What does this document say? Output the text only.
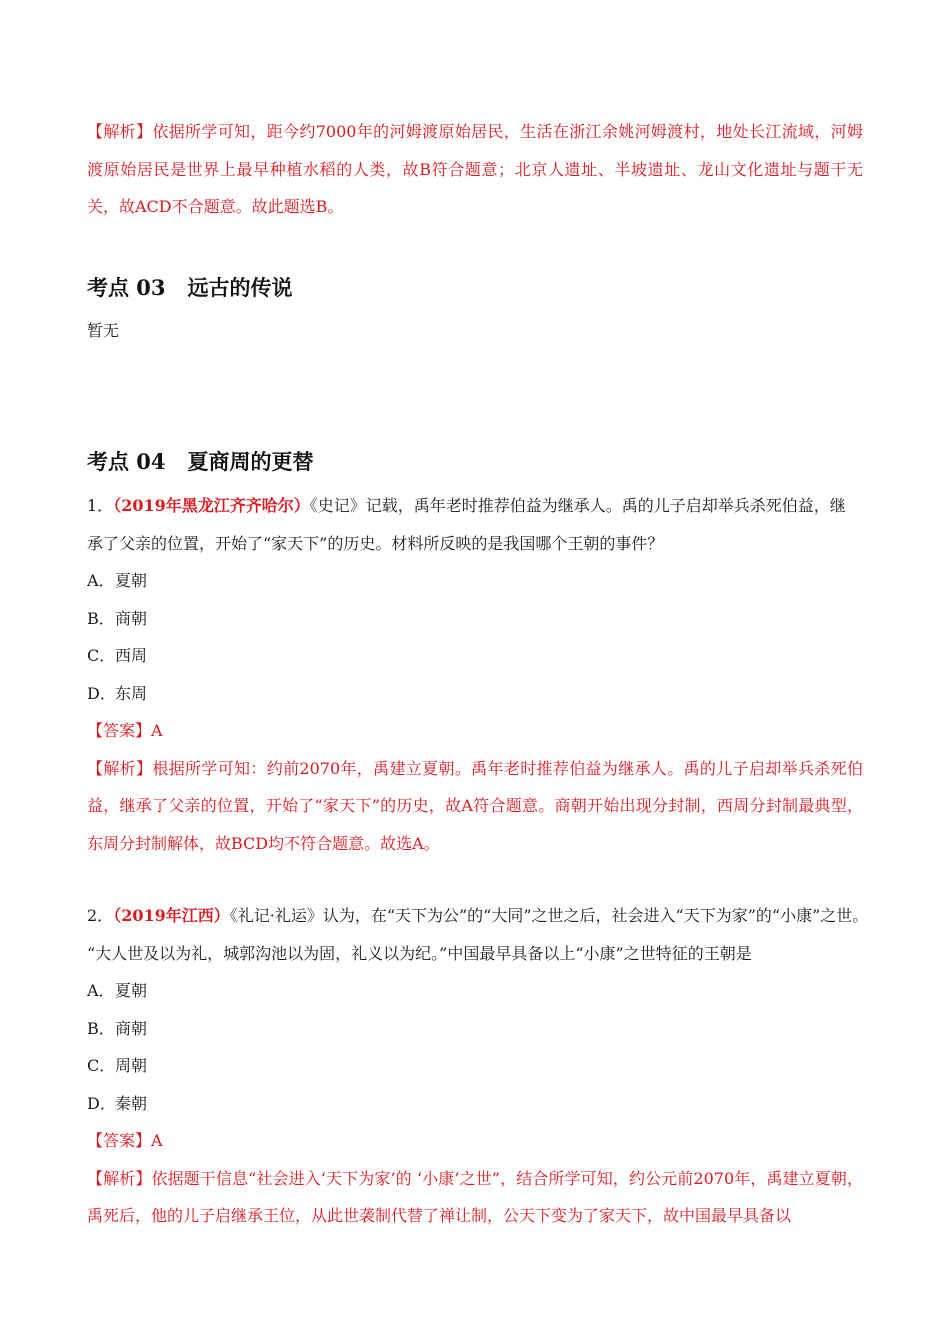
【解析】依据所学可知，距今约7000年的河姆渡原始居民，生活在浙江余姚河姆渡村，地处长江流域，河姆渡原始居民是世界上最早种植水稻的人类，故B符合题意；北京人遗址、半坡遗址、龙山文化遗址与题干无关，故ACD不合题意。故此题选B。

考点 03 远古的传说
暂无
考点 04 夏商周的更替
1．（2019年黑龙江齐齐哈尔）《史记》记载，禹年老时推荐伯益为继承人。禹的儿子启却举兵杀死伯益，继
承了父亲的位置，开始了“家天下”的历史。材料所反映的是我国哪个王朝的事件？
A．夏朝
B．商朝
C．西周
D．东周
【答案】A

【解析】根据所学可知：约前2070年，禹建立夏朝。禹年老时推荐伯益为继承人。禹的儿子启却举兵杀死伯益，继承了父亲的位置，开始了“家天下”的历史，故A符合题意。商朝开始出现分封制，西周分封制最典型，东周分封制解体，故BCD均不符合题意。故选A。

2．（2019年江西）《礼记·礼运》认为，在“天下为公”的“大同”之世之后，社会进入“天下为家”的“小康”之世。
“大人世及以为礼，城郭沟池以为固，礼义以为纪。”中国最早具备以上“小康”之世特征的王朝是
A．夏朝
B．商朝
C．周朝
D．秦朝
【答案】A

【解析】依据题干信息“社会进入‘天下为家’的 ‘小康’之世”，结合所学可知，约公元前2070年，禹建立夏朝，禹死后，他的儿子启继承王位，从此世袭制代替了禅让制，公天下变为了家天下，故中国最早具备以
